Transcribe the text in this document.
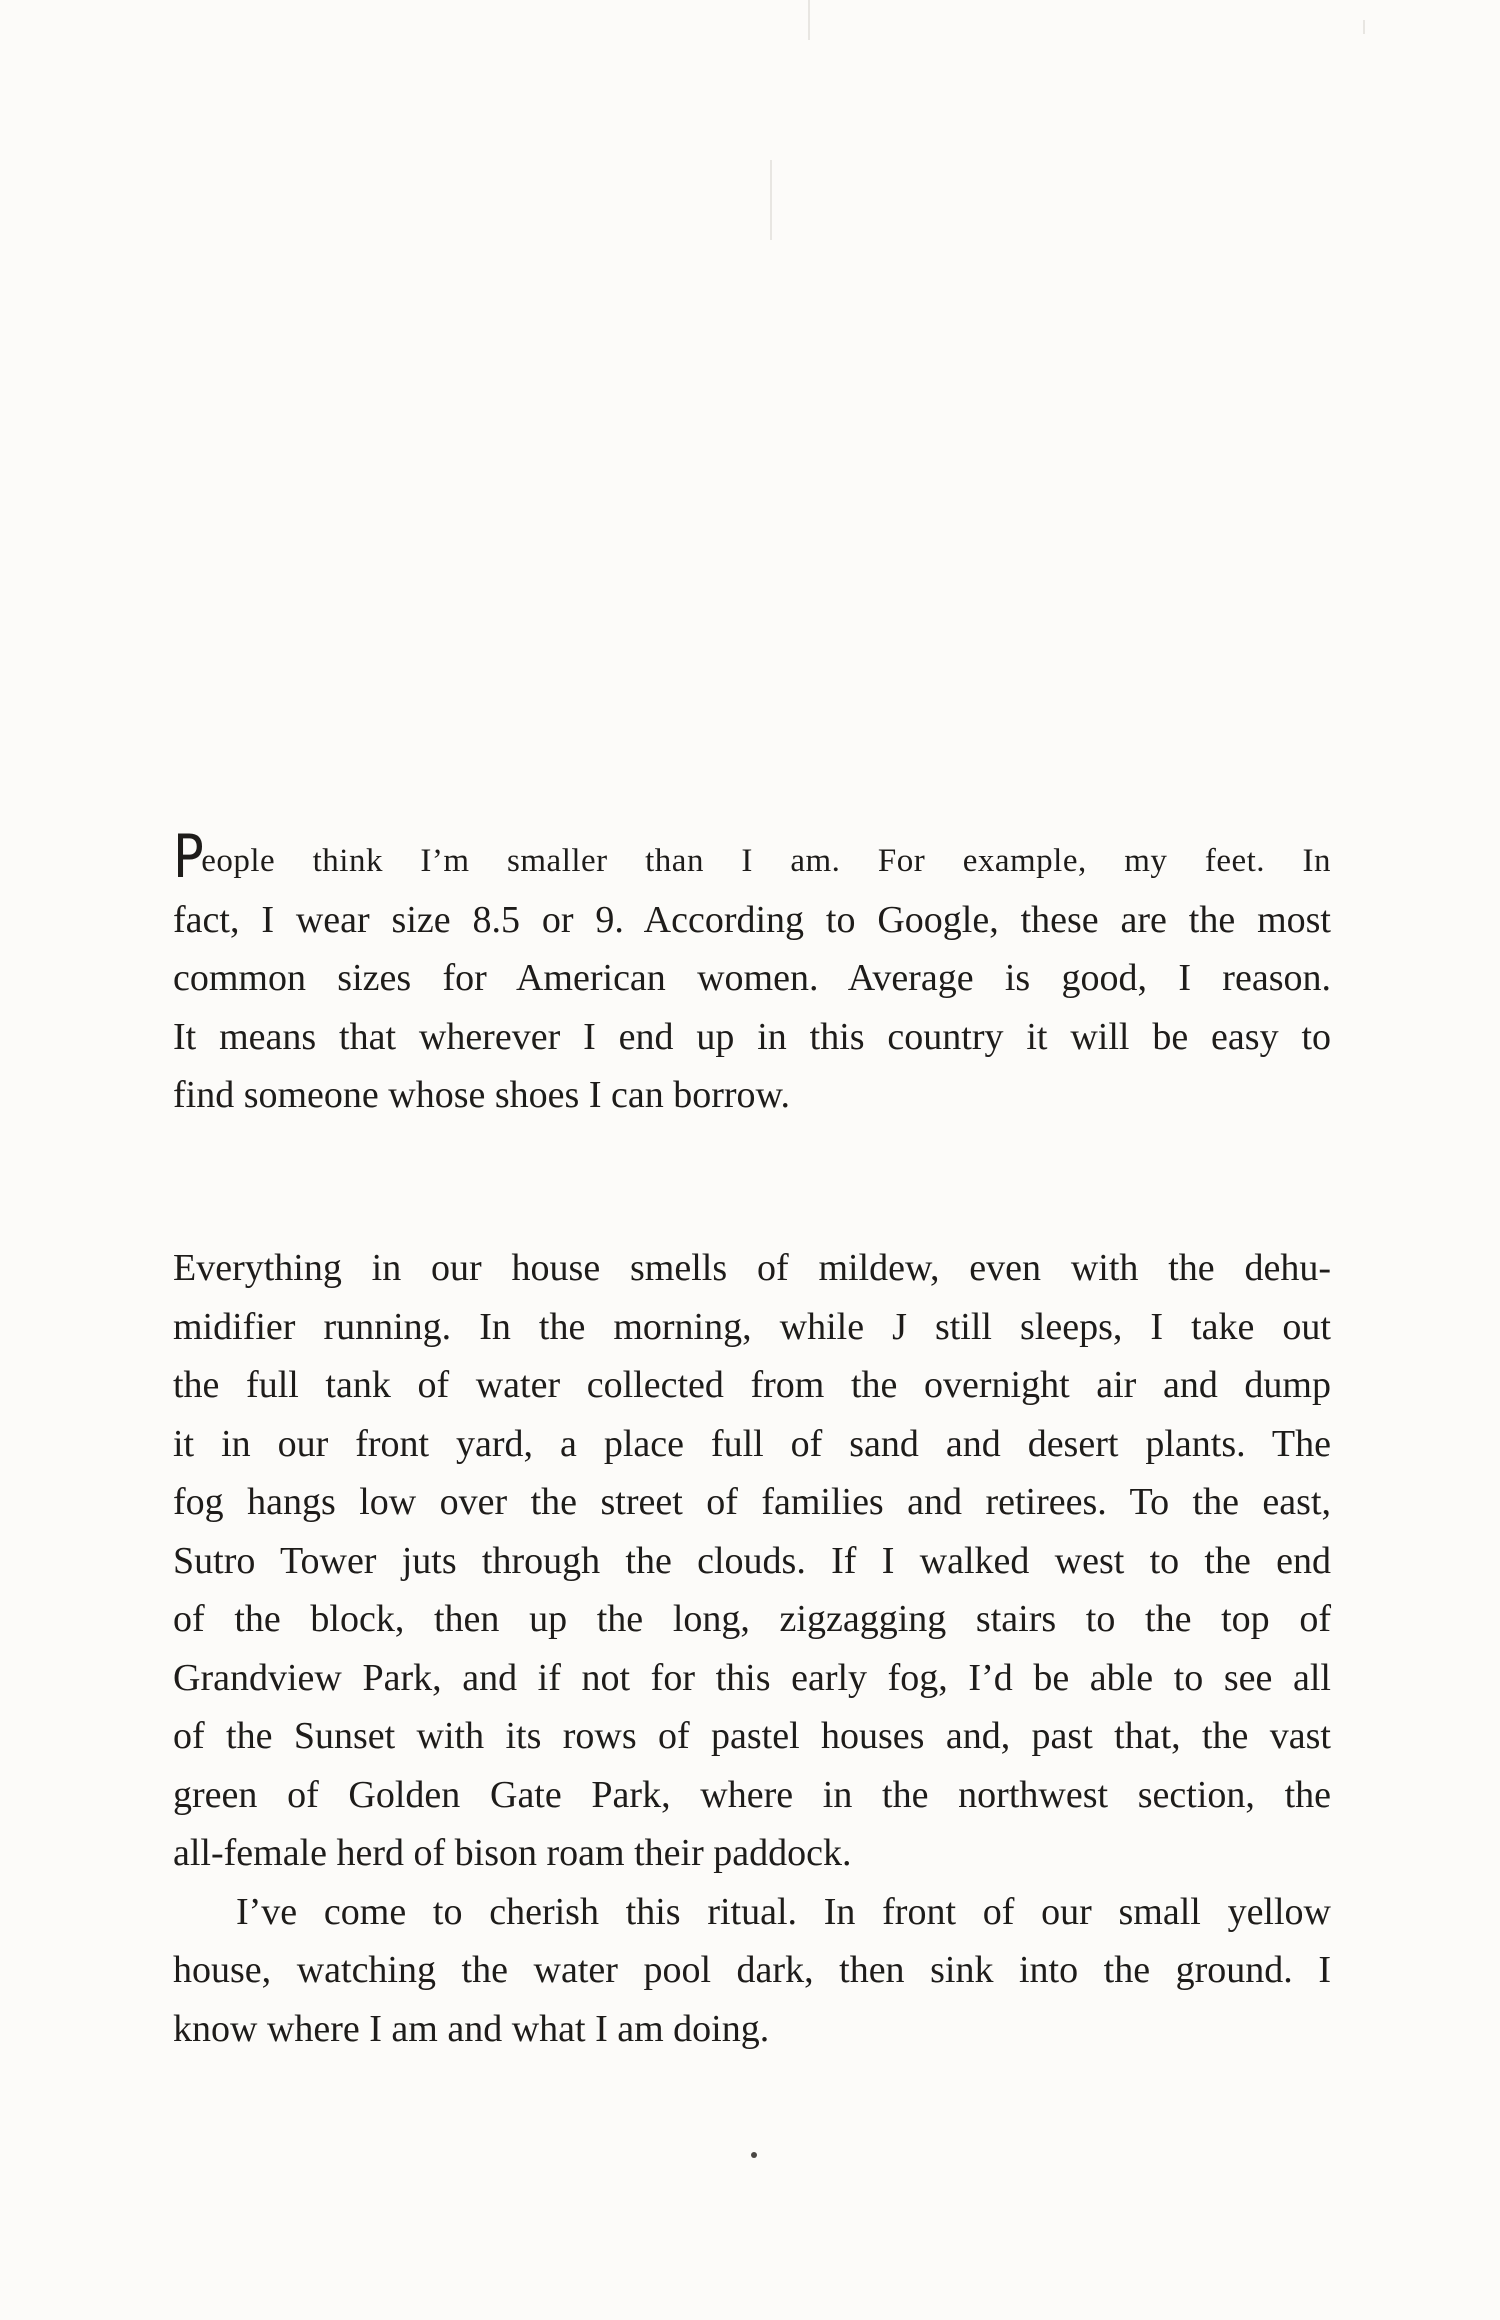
People think I’m smaller than I am. For example, my feet. In
fact, I wear size 8.5 or 9. According to Google, these are the most
common sizes for American women. Average is good, I reason.
It means that wherever I end up in this country it will be easy to
find someone whose shoes I can borrow.

Everything in our house smells of mildew, even with the dehu-
midifier running. In the morning, while J still sleeps, I take out
the full tank of water collected from the overnight air and dump
it in our front yard, a place full of sand and desert plants. The
fog hangs low over the street of families and retirees. To the east,
Sutro Tower juts through the clouds. If I walked west to the end
of the block, then up the long, zigzagging stairs to the top of
Grandview Park, and if not for this early fog, I’d be able to see all
of the Sunset with its rows of pastel houses and, past that, the vast
green of Golden Gate Park, where in the northwest section, the
all-female herd of bison roam their paddock.

I’ve come to cherish this ritual. In front of our small yellow
house, watching the water pool dark, then sink into the ground. I
know where I am and what I am doing.
